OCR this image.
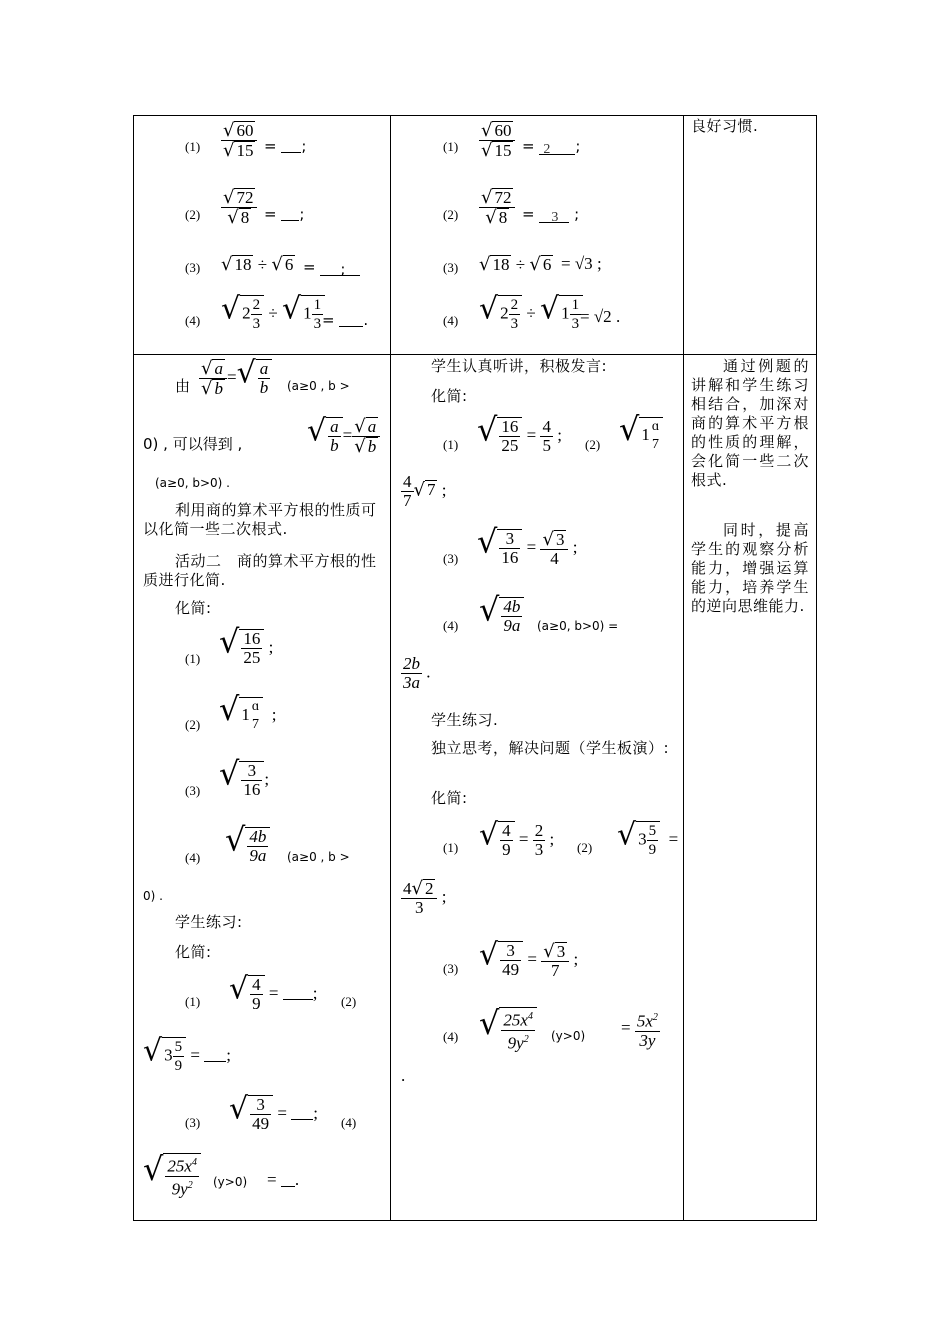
$(1) \frac{√ 60}{√ 15}$ = ;
$(2) \frac{√ 72}{√ 8}$ = ;
(3) √ 18 ÷ √ 6 = ;
(4) √ $2 \frac{2}{3}$ ÷ √ $1 \frac{1}{3}$
= .
$(1) \frac{√ 60}{√ 15} = 2$ ;
$(2) \frac{√ 72}{√ 8} = 3$ ;
(3) √ 18 ÷ √ 6 = √3 ;
(4) √ $2 \frac{2}{3}$ ÷ √ $1 \frac{1}{3}$
= √2 .
良好习惯.
由 $\frac{√ a}{√ b}$ =√ $\frac{a}{b} (a\ge 0$ , b >
0) , 可以得到 , √ $\frac{a}{b} = \frac{√ a}{√ b}$
(a≥0, b>0) .
利用商的算术平方根的性质可以化简一些二次根式.
活动二　商的算术平方根的性质进行化简.
化简:
(1) √ $\frac{16}{25}$ ;
(2) √ 1 ɑ
7
;
(3) √ $\frac{3}{16}$ ;
(4) √ $\frac{4b}{9a} (a\ge 0$ , b >
0) .
学生练习:
化简:
(1) √ $\frac{4}{9}$ = ; (2)
√ $3 \frac{5}{9}$ = ;
(3) √ $\frac{3}{49}$ = ;
(4)
√ $\frac{25x^4}{9y^2} (y>0)$ = .
学生认真听讲，积极发言:
化简:
(1) √ $\frac{16}{25} = \frac{4}{5}$ ;
(2) √ 1 ɑ
7
$\frac{4}{7}$ √ 7 ;
(3) √ $\frac{3}{16} = \frac{√ 3}{4}$ ;
(4) √ $\frac{4b}{9a} (a\ge 0$, b>0) =
$\frac{2b}{3a}$ .
学生练习.
独立思考，解决问题（学生板演）:
化简:
(1) √ $\frac{4}{9} = \frac{2}{3}$ ; (2) √ $3 \frac{5}{9}$ =
$\frac{4√ 2}{3}$ ;
(3) √ $\frac{3}{49} = \frac{√ 3}{7}$ ;
(4) √ $\frac{25x^4}{9y^2} (y>0) = \frac{5x^2}{3y}$
.
通过例题的讲解和学生练习相结合，加深对商的算术平方根的性质的理解，会化简一些二次根式.
同时，提高学生的观察分析能力，增强运算能力，培养学生的逆向思维能力.
